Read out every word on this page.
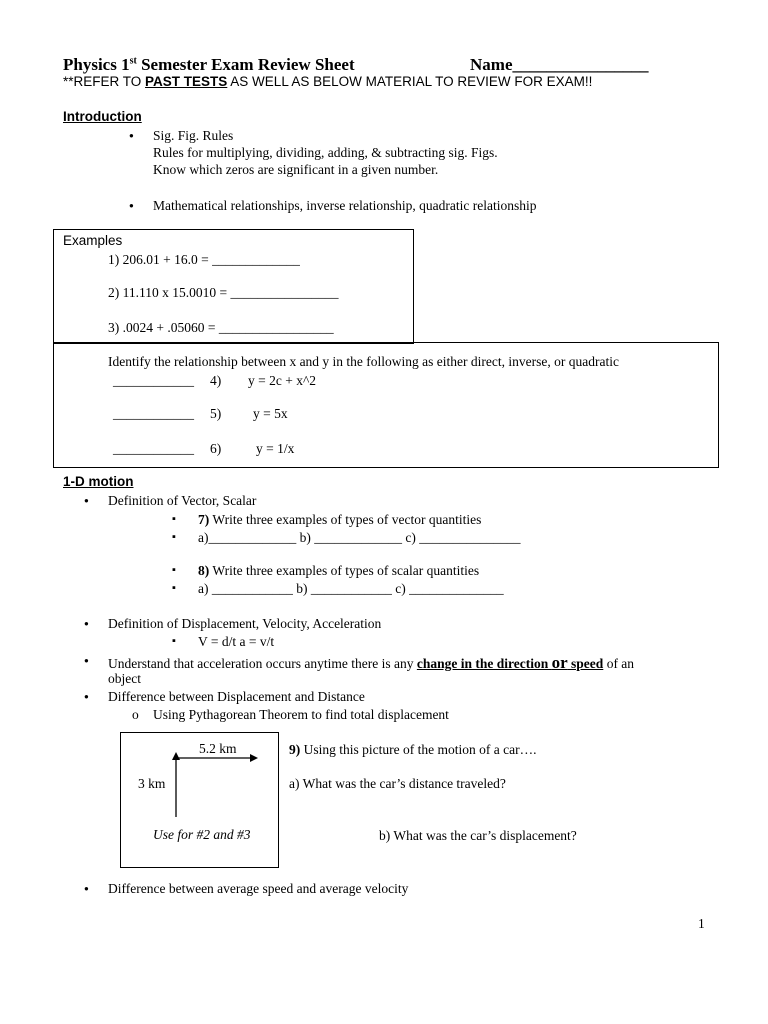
Physics 1st Semester Exam Review Sheet	Name________________
**REFER TO PAST TESTS AS WELL AS BELOW MATERIAL TO REVIEW FOR EXAM!!
Introduction
● Sig. Fig. Rules
Rules for multiplying, dividing, adding, & subtracting sig. Figs.
Know which zeros are significant in a given number.
● Mathematical relationships, inverse relationship, quadratic relationship
Examples
1) 206.01 + 16.0 = _____________
2) 11.110 x 15.0010 = ________________
3) .0024 + .05060 = _________________
Identify the relationship between x and y in the following as either direct, inverse, or quadratic
____________ 4) y = 2c + x^2
____________ 5) y = 5x
____________ 6)	y = 1/x
1-D motion
● Definition of Vector, Scalar
▪ 7) Write three examples of types of vector quantities
▪ a)_____________ b) _____________ c) _______________
▪ 8) Write three examples of types of scalar quantities
▪ a) ____________ b) ____________ c) ______________
● Definition of Displacement, Velocity, Acceleration
▪ V = d/t a = v/t
● Understand that acceleration occurs anytime there is any change in the direction or speed of an
object
● Difference between Displacement and Distance
o Using Pythagorean Theorem to find total displacement
5.2 km
3 km
Use for #2 and #3
9) Using this picture of the motion of a car….
a) What was the car’s distance traveled?
b) What was the car’s displacement?
● Difference between average speed and average velocity
1
